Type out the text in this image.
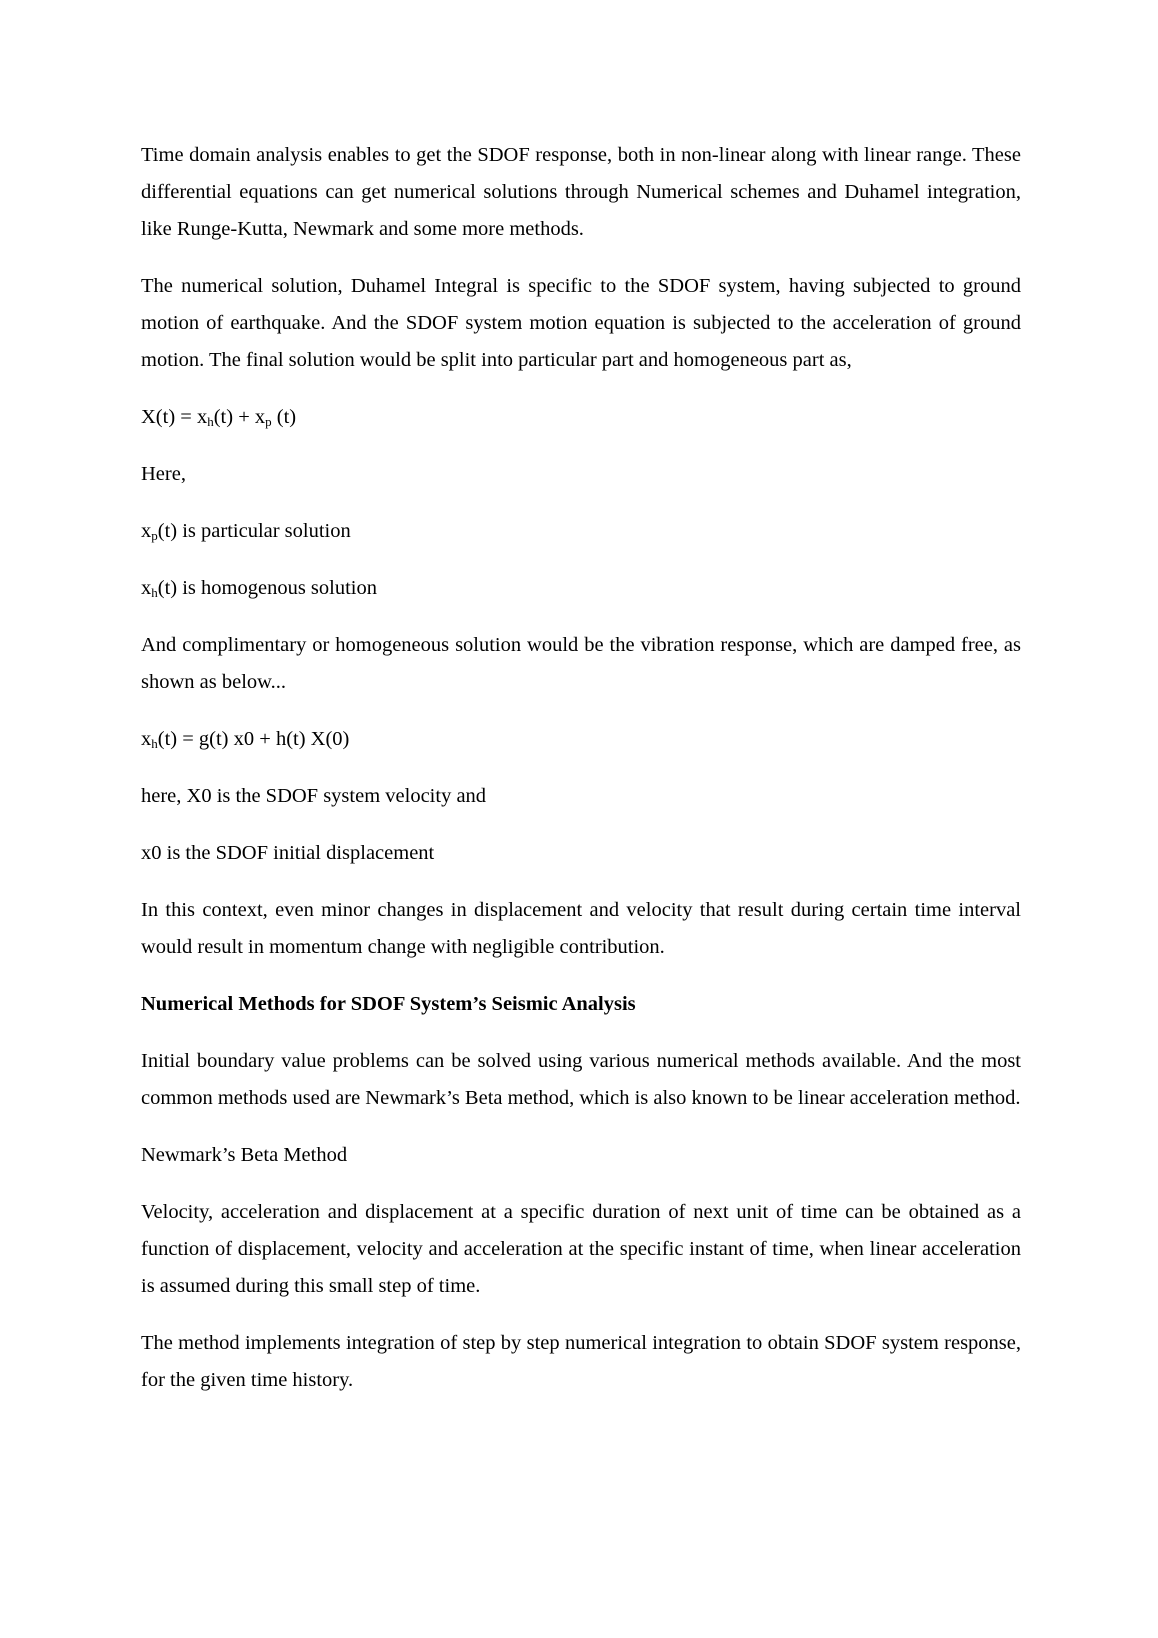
Time domain analysis enables to get the SDOF response, both in non-linear along with linear range. These differential equations can get numerical solutions through Numerical schemes and Duhamel integration, like Runge-Kutta, Newmark and some more methods.

The numerical solution, Duhamel Integral is specific to the SDOF system, having subjected to ground motion of earthquake. And the SDOF system motion equation is subjected to the acceleration of ground motion. The final solution would be split into particular part and homogeneous part as,

X(t) = xh(t) + xp (t)

Here,

xp(t) is particular solution

xh(t) is homogenous solution

And complimentary or homogeneous solution would be the vibration response, which are damped free, as shown as below...

xh(t) = g(t) x0 + h(t) X(0)

here, X0 is the SDOF system velocity and

x0 is the SDOF initial displacement

In this context, even minor changes in displacement and velocity that result during certain time interval would result in momentum change with negligible contribution.

Numerical Methods for SDOF System’s Seismic Analysis

Initial boundary value problems can be solved using various numerical methods available. And the most common methods used are Newmark’s Beta method, which is also known to be linear acceleration method.

Newmark’s Beta Method

Velocity, acceleration and displacement at a specific duration of next unit of time can be obtained as a function of displacement, velocity and acceleration at the specific instant of time, when linear acceleration is assumed during this small step of time.

The method implements integration of step by step numerical integration to obtain SDOF system response, for the given time history.
